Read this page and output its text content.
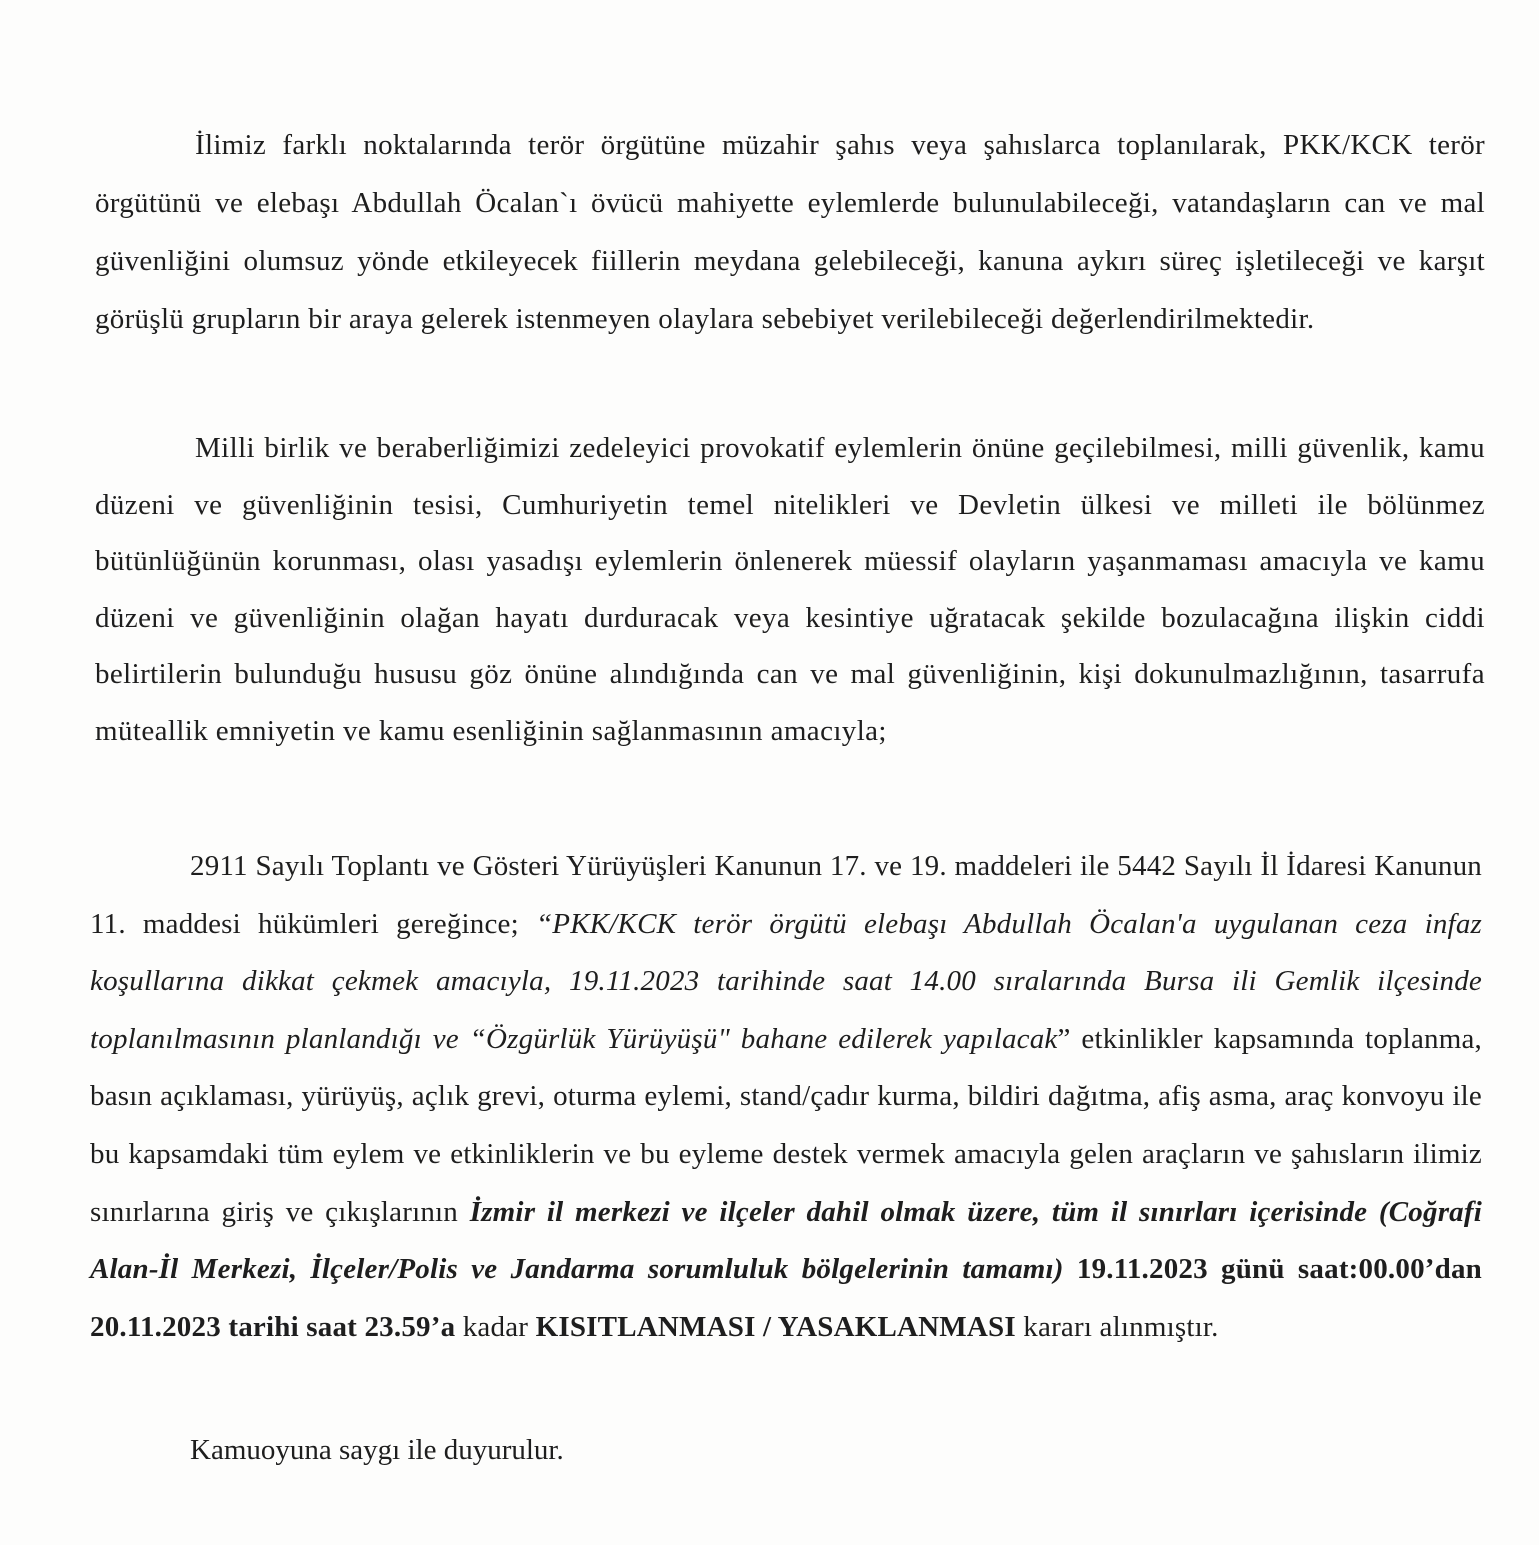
İlimiz farklı noktalarında terör örgütüne müzahir şahıs veya şahıslarca toplanılarak, PKK/KCK terör örgütünü ve elebaşı Abdullah Öcalan`ı övücü mahiyette eylemlerde bulunulabileceği, vatandaşların can ve mal güvenliğini olumsuz yönde etkileyecek fiillerin meydana gelebileceği, kanuna aykırı süreç işletileceği ve karşıt görüşlü grupların bir araya gelerek istenmeyen olaylara sebebiyet verilebileceği değerlendirilmektedir.

Milli birlik ve beraberliğimizi zedeleyici provokatif eylemlerin önüne geçilebilmesi, milli güvenlik, kamu düzeni ve güvenliğinin tesisi, Cumhuriyetin temel nitelikleri ve Devletin ülkesi ve milleti ile bölünmez bütünlüğünün korunması, olası yasadışı eylemlerin önlenerek müessif olayların yaşanmaması amacıyla ve kamu düzeni ve güvenliğinin olağan hayatı durduracak veya kesintiye uğratacak şekilde bozulacağına ilişkin ciddi belirtilerin bulunduğu hususu göz önüne alındığında can ve mal güvenliğinin, kişi dokunulmazlığının, tasarrufa müteallik emniyetin ve kamu esenliğinin sağlanmasının amacıyla;

2911 Sayılı Toplantı ve Gösteri Yürüyüşleri Kanunun 17. ve 19. maddeleri ile 5442 Sayılı İl İdaresi Kanunun 11. maddesi hükümleri gereğince; “PKK/KCK terör örgütü elebaşı Abdullah Öcalan'a uygulanan ceza infaz koşullarına dikkat çekmek amacıyla, 19.11.2023 tarihinde saat 14.00 sıralarında Bursa ili Gemlik ilçesinde toplanılmasının planlandığı ve “Özgürlük Yürüyüşü" bahane edilerek yapılacak” etkinlikler kapsamında toplanma, basın açıklaması, yürüyüş, açlık grevi, oturma eylemi, stand/çadır kurma, bildiri dağıtma, afiş asma, araç konvoyu ile bu kapsamdaki tüm eylem ve etkinliklerin ve bu eyleme destek vermek amacıyla gelen araçların ve şahısların ilimiz sınırlarına giriş ve çıkışlarının İzmir il merkezi ve ilçeler dahil olmak üzere, tüm il sınırları içerisinde (Coğrafi Alan-İl Merkezi, İlçeler/Polis ve Jandarma sorumluluk bölgelerinin tamamı) 19.11.2023 günü saat:00.00’dan 20.11.2023 tarihi saat 23.59’a kadar KISITLANMASI / YASAKLANMASI kararı alınmıştır.

Kamuoyuna saygı ile duyurulur.
